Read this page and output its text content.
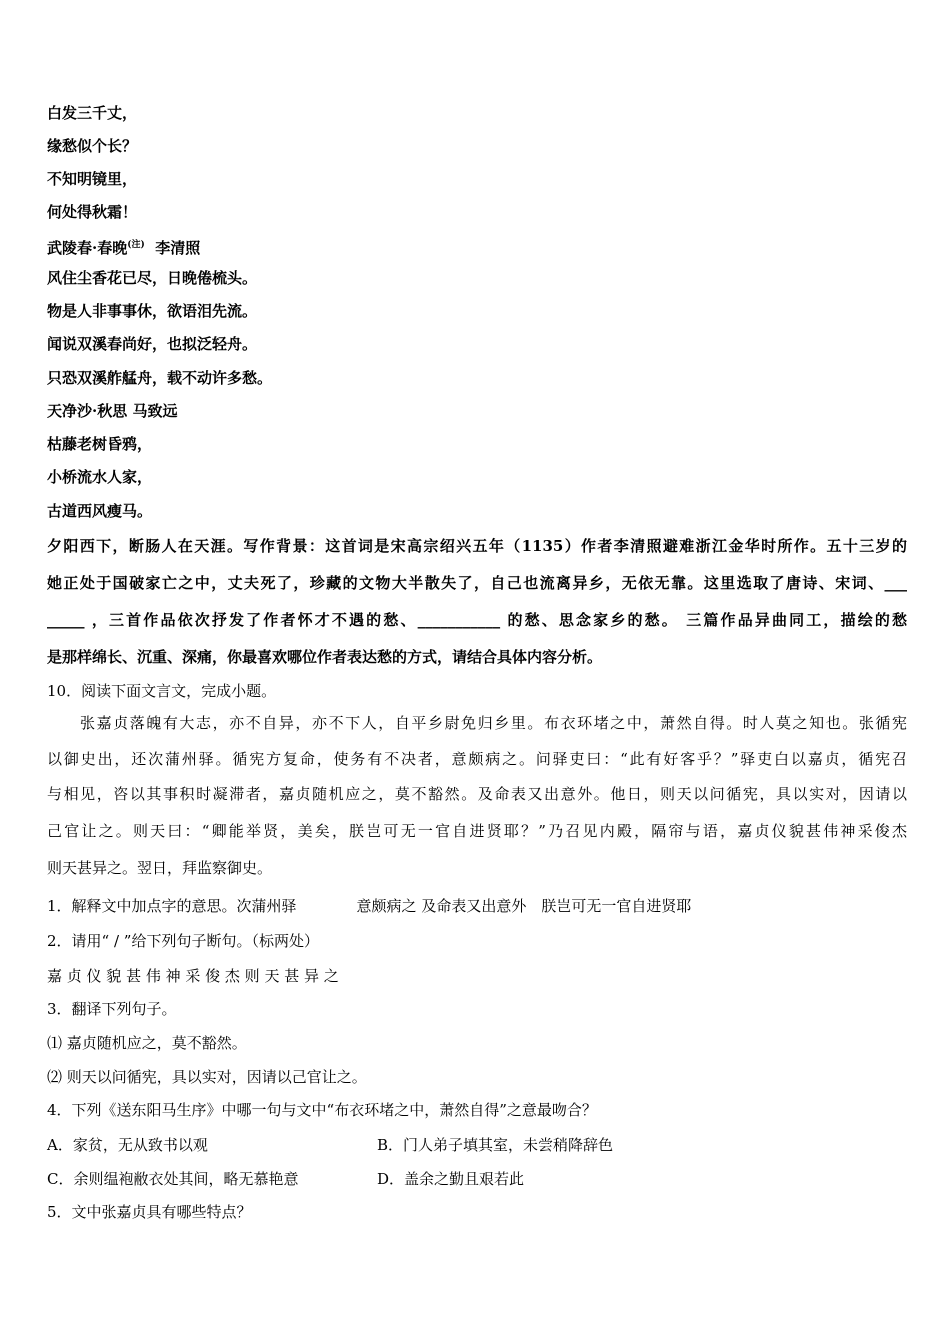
白发三千丈，
缘愁似个长？
不知明镜里，
何处得秋霜！
武陵春·春晚$^{(注)}$ 李清照
风住尘香花已尽，日晚倦梳头。
物是人非事事休，欲语泪先流。
闻说双溪春尚好，也拟泛轻舟。
只恐双溪舴艋舟，载不动许多愁。
天净沙·秋思 马致远
枯藤老树昏鸦，
小桥流水人家，
古道西风瘦马。
夕阳西下，断肠人在天涯。写作背景：这首词是宋高宗绍兴五年（1135）作者李清照避难浙江金华时所作。五十三岁的
她正处于国破家亡之中，丈夫死了，珍藏的文物大半散失了，自己也流离异乡，无依无靠。这里选取了唐诗、宋词、___
_____ ，三首作品依次抒发了作者怀才不遇的愁、___________ 的愁、思念家乡的愁。 三篇作品异曲同工，描绘的愁
是那样绵长、沉重、深痛，你最喜欢哪位作者表达愁的方式，请结合具体内容分析。
10．阅读下面文言文，完成小题。
张嘉贞落魄有大志，亦不自异，亦不下人，自平乡尉免归乡里。布衣环堵之中，萧然自得。时人莫之知也。张循宪
以御史出，还次蒲州驿。循宪方复命，使务有不决者，意颇病之。问驿吏曰：“此有好客乎？”驿吏白以嘉贞，循宪召
与相见，咨以其事积时凝滞者，嘉贞随机应之，莫不豁然。及命表又出意外。他日，则天以问循宪，具以实对，因请以
己官让之。则天曰：“卿能举贤，美矣，朕岂可无一官自进贤耶？”乃召见内殿，隔帘与语，嘉贞仪貌甚伟神采俊杰
则天甚异之。翌日，拜监察御史。
1．解释文中加点字的意思。次蒲州驿　　　　意颇病之 及命表又出意外　朕岂可无一官自进贤耶
2．请用“ / ”给下列句子断句。（标两处）
嘉 贞 仪 貌 甚 伟 神 采 俊 杰 则 天 甚 异 之
3．翻译下列句子。
⑴ 嘉贞随机应之，莫不豁然。
⑵ 则天以问循宪，具以实对，因请以己官让之。
4．下列《送东阳马生序》中哪一句与文中“布衣环堵之中，萧然自得”之意最吻合？
A．家贫，无从致书以观	B．门人弟子填其室，未尝稍降辞色
C．余则缊袍敝衣处其间，略无慕艳意	D．盖余之勤且艰若此
5．文中张嘉贞具有哪些特点？
